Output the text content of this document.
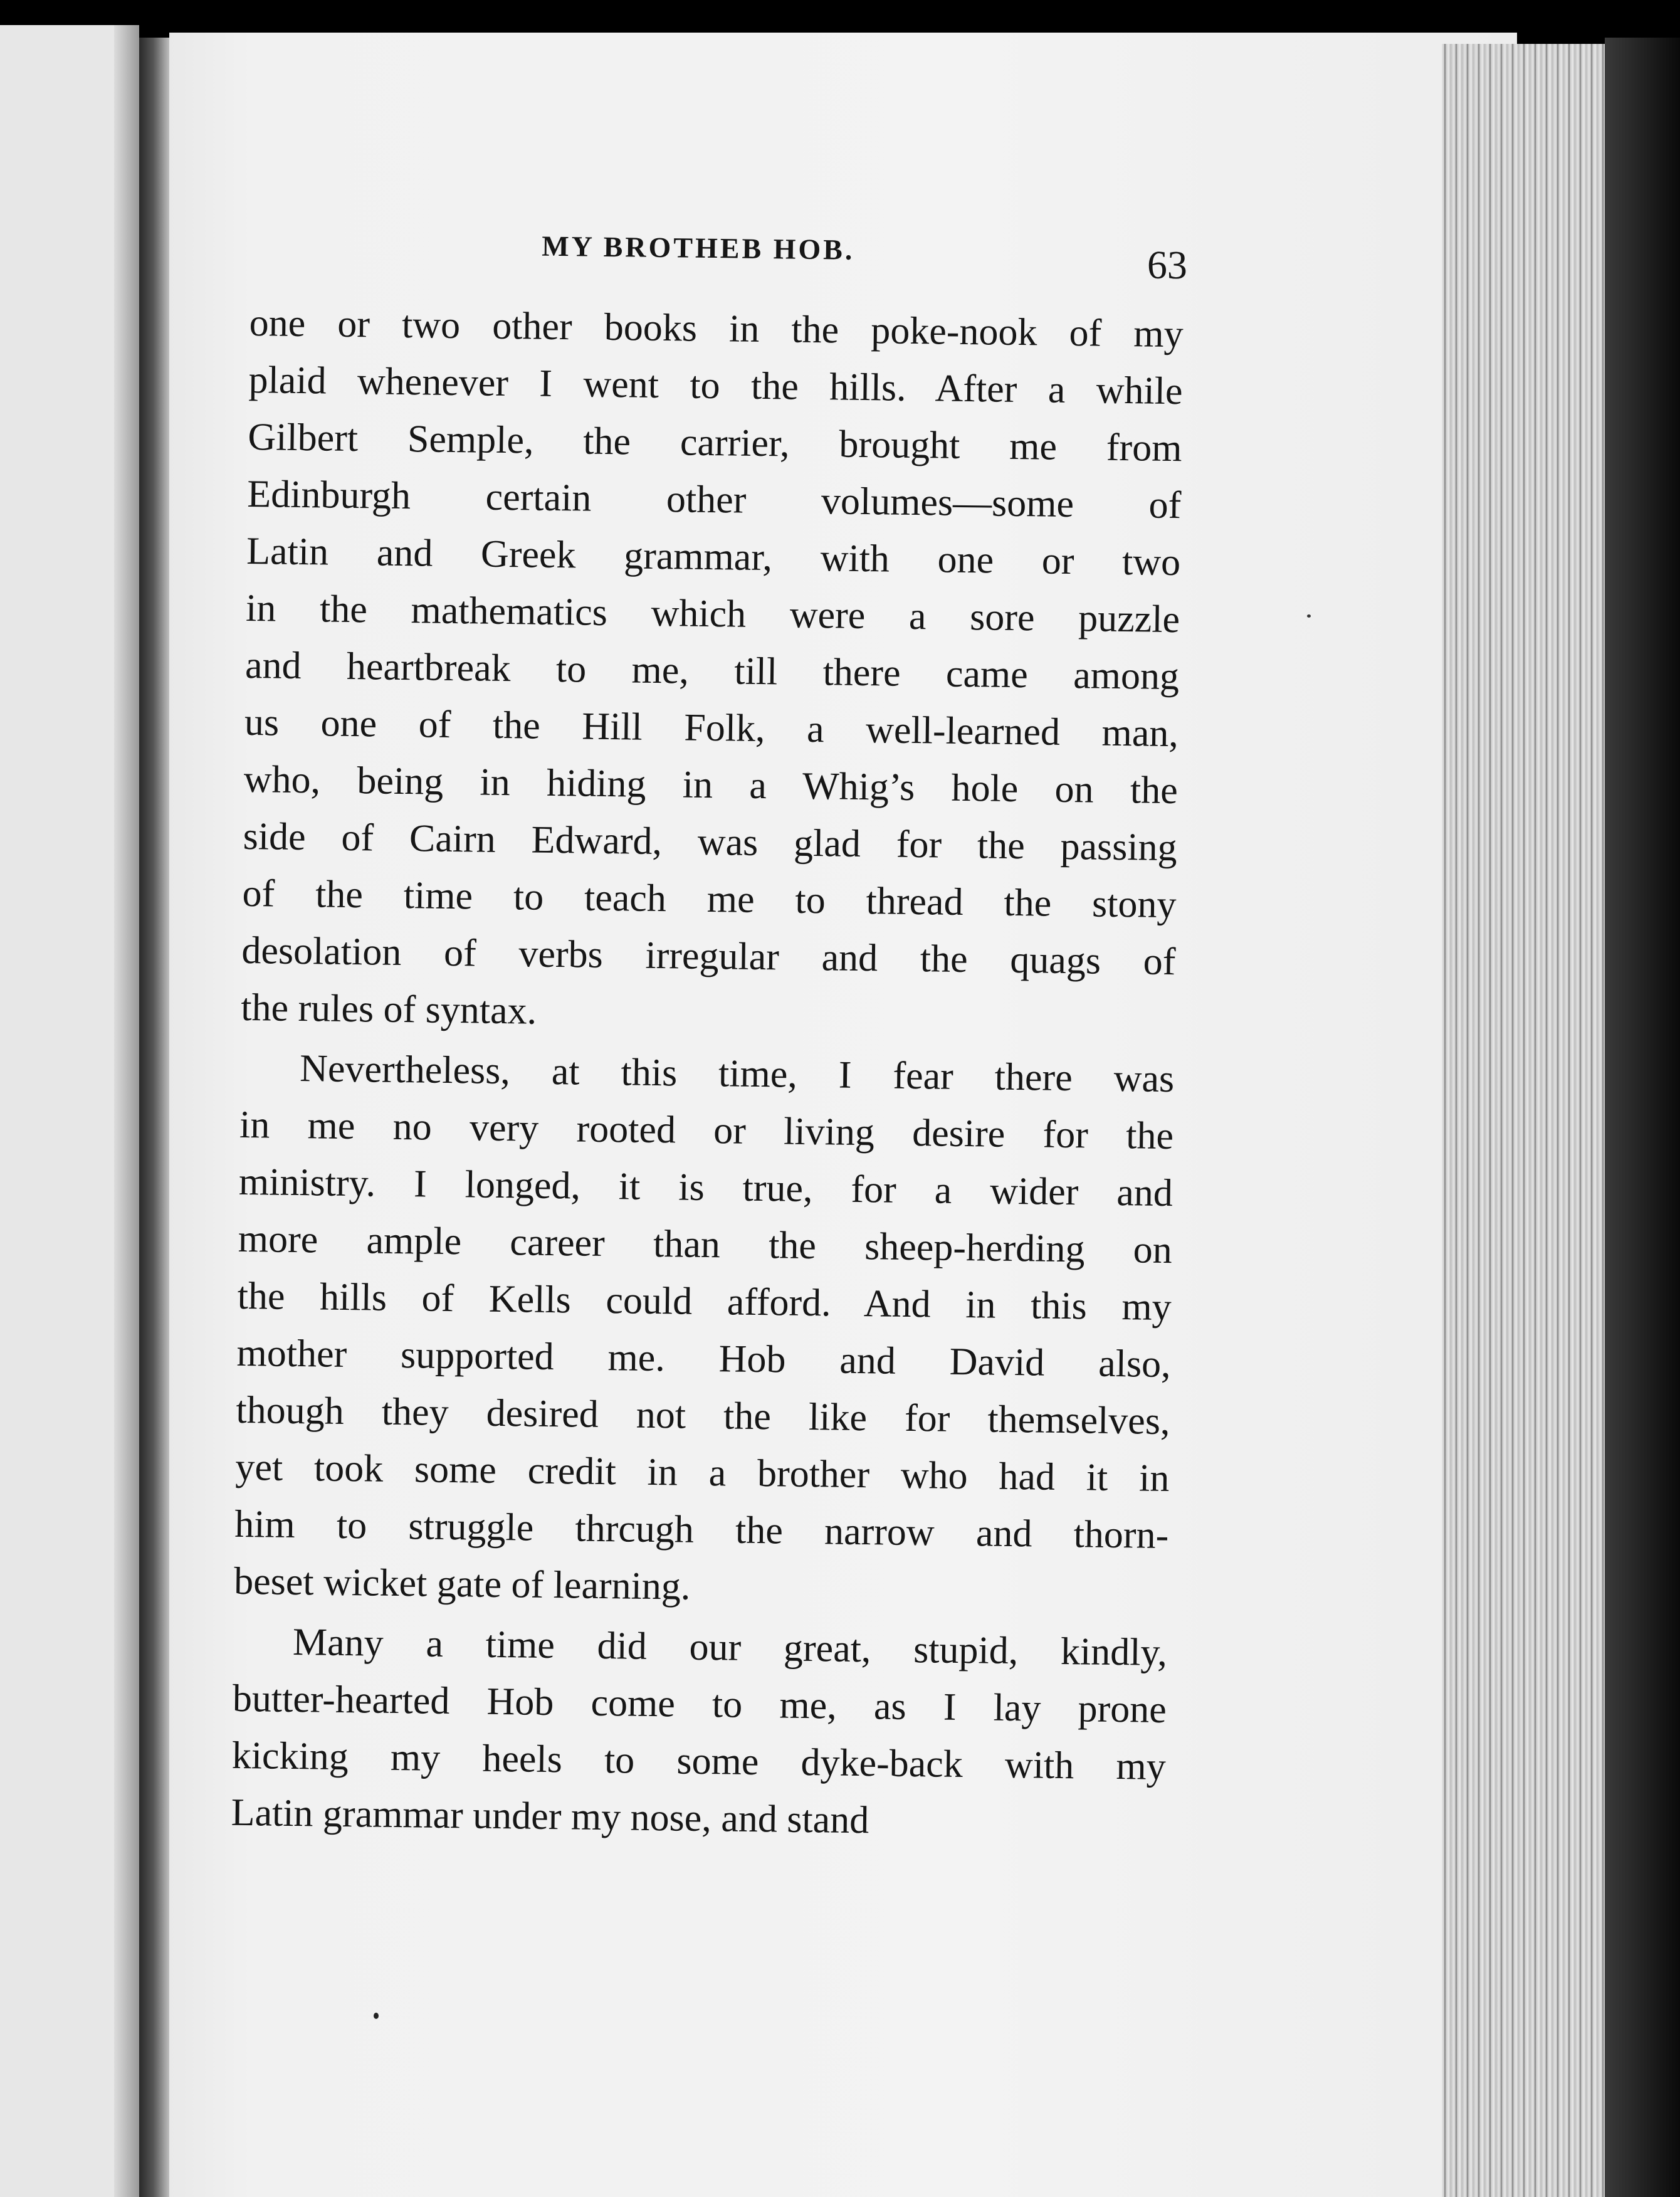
MY BROTHEB HOB.	63
one or two other books in the poke-nook of my
plaid whenever I went to the hills. After a while
Gilbert Semple, the carrier, brought me from
Edinburgh certain other volumes—some of
Latin and Greek grammar, with one or two
in the mathematics which were a sore puzzle
and heartbreak to me, till there came among
us one of the Hill Folk, a well-learned man,
who, being in hiding in a Whig’s hole on the
side of Cairn Edward, was glad for the passing
of the time to teach me to thread the stony
desolation of verbs irregular and the quags of
the rules of syntax.
Nevertheless, at this time, I fear there was
in me no very rooted or living desire for the
ministry. I longed, it is true, for a wider and
more ample career than the sheep-herding on
the hills of Kells could afford. And in this my
mother supported me. Hob and David also,
though they desired not the like for themselves,
yet took some credit in a brother who had it in
him to struggle thrcugh the narrow and thorn-
beset wicket gate of learning.
Many a time did our great, stupid, kindly,
butter-hearted Hob come to me, as I lay prone
kicking my heels to some dyke-back with my
Latin grammar under my nose, and stand
